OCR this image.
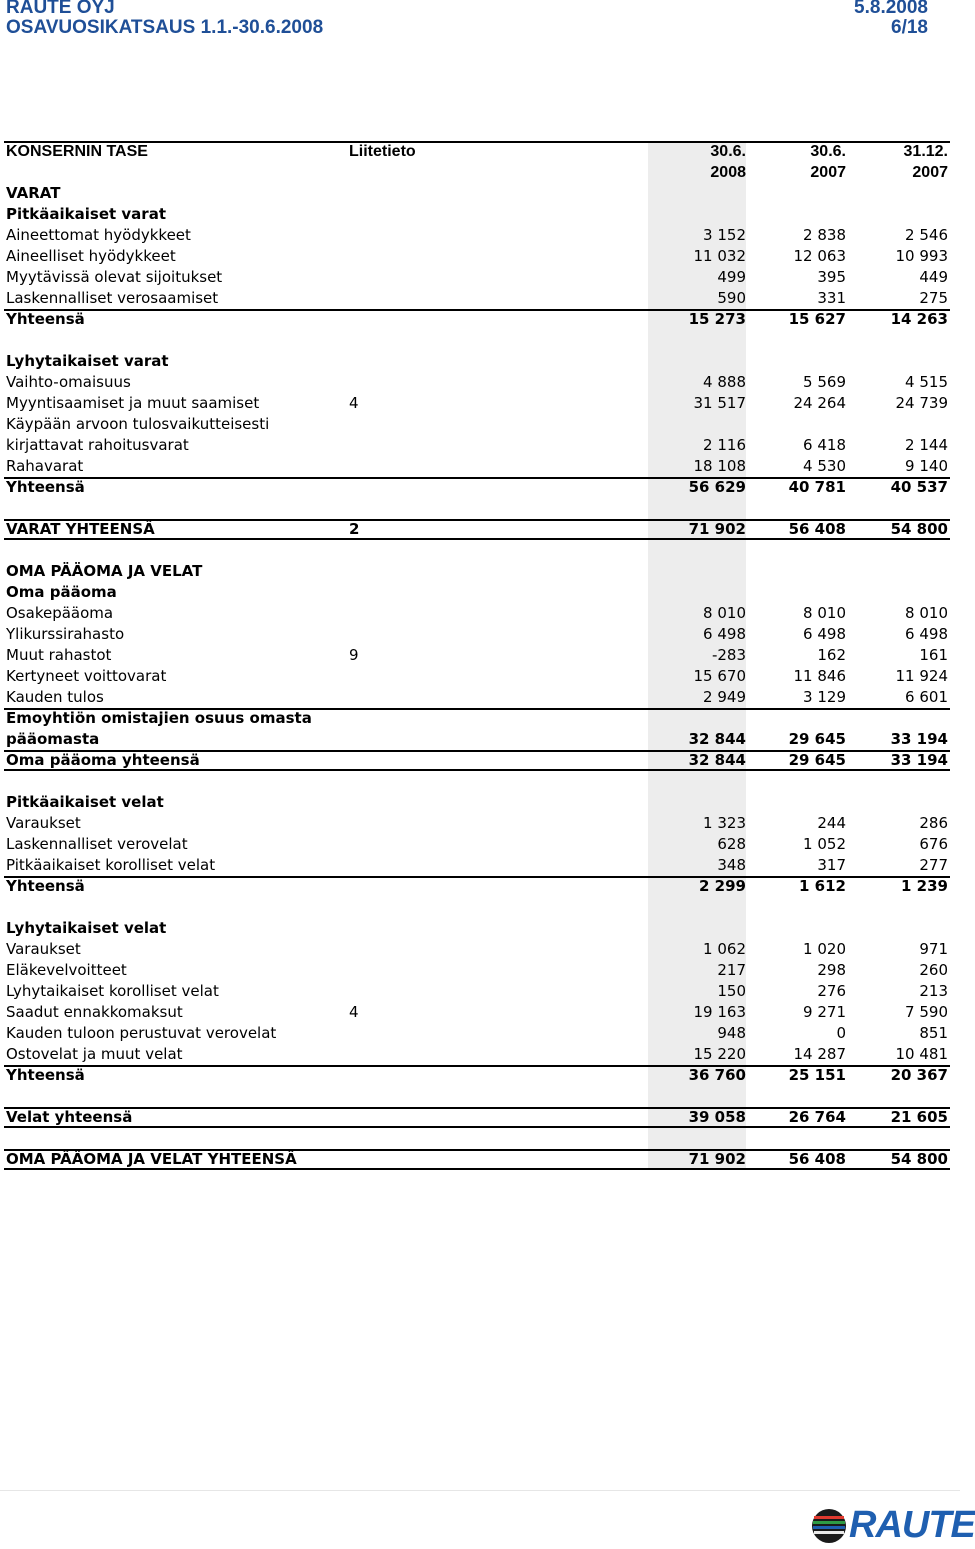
RAUTE OYJ	5.8.2008
OSAVUOSIKATSAUS 1.1.-30.6.2008	6/18
KONSERNIN TASE	Liitetieto	30.6.	30.6.	31.12.
2008	2007	2007
VARAT
Pitkäaikaiset varat
Aineettomat hyödykkeet	3 152	2 838	2 546
Aineelliset hyödykkeet	11 032	12 063	10 993
Myytävissä olevat sijoitukset	499	395	449
Laskennalliset verosaamiset	590	331	275
Yhteensä	15 273	15 627	14 263
Lyhytaikaiset varat
Vaihto-omaisuus	4 888	5 569	4 515
Myyntisaamiset ja muut saamiset	4	31 517	24 264	24 739
Käypään arvoon tulosvaikutteisesti
kirjattavat rahoitusvarat	2 116	6 418	2 144
Rahavarat	18 108	4 530	9 140
Yhteensä	56 629	40 781	40 537
VARAT YHTEENSÄ	2	71 902	56 408	54 800
OMA PÄÄOMA JA VELAT
Oma pääoma
Osakepääoma	8 010	8 010	8 010
Ylikurssirahasto	6 498	6 498	6 498
Muut rahastot	9	-283	162	161
Kertyneet voittovarat	15 670	11 846	11 924
Kauden tulos	2 949	3 129	6 601
Emoyhtiön omistajien osuus omasta
pääomasta	32 844	29 645	33 194
Oma pääoma yhteensä	32 844	29 645	33 194
Pitkäaikaiset velat
Varaukset	1 323	244	286
Laskennalliset verovelat	628	1 052	676
Pitkäaikaiset korolliset velat	348	317	277
Yhteensä	2 299	1 612	1 239
Lyhytaikaiset velat
Varaukset	1 062	1 020	971
Eläkevelvoitteet	217	298	260
Lyhytaikaiset korolliset velat	150	276	213
Saadut ennakkomaksut	4	19 163	9 271	7 590
Kauden tuloon perustuvat verovelat	948	0	851
Ostovelat ja muut velat	15 220	14 287	10 481
Yhteensä	36 760	25 151	20 367
Velat yhteensä	39 058	26 764	21 605
OMA PÄÄOMA JA VELAT YHTEENSÄ	71 902	56 408	54 800
RAUTE
